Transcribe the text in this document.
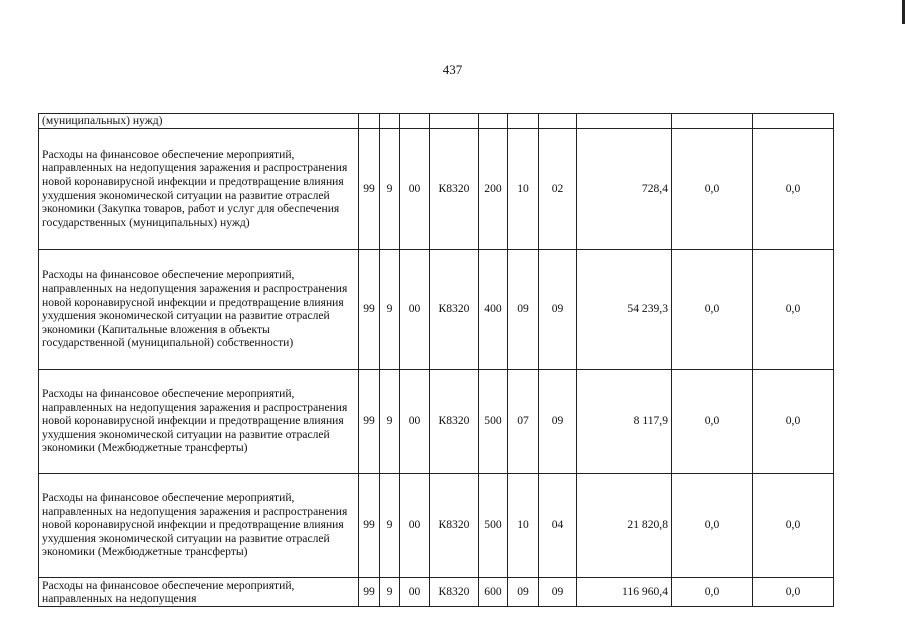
437
(муниципальных) нужд)										
Расходы на финансовое обеспечение мероприятий, направленных на недопущения заражения и распространения новой коронавирусной инфекции и предотвращение влияния ухудшения экономической ситуации на развитие отраслей экономики (Закупка товаров, работ и услуг для обеспечения государственных (муниципальных) нужд)	99	9	00	К8320	200	10	02	728,4	0,0	0,0
Расходы на финансовое обеспечение мероприятий, направленных на недопущения заражения и распространения новой коронавирусной инфекции и предотвращение влияния ухудшения экономической ситуации на развитие отраслей экономики (Капитальные вложения в объекты государственной (муниципальной) собственности)	99	9	00	К8320	400	09	09	54 239,3	0,0	0,0
Расходы на финансовое обеспечение мероприятий, направленных на недопущения заражения и распространения новой коронавирусной инфекции и предотвращение влияния ухудшения экономической ситуации на развитие отраслей экономики (Межбюджетные трансферты)	99	9	00	К8320	500	07	09	8 117,9	0,0	0,0
Расходы на финансовое обеспечение мероприятий, направленных на недопущения заражения и распространения новой коронавирусной инфекции и предотвращение влияния ухудшения экономической ситуации на развитие отраслей экономики (Межбюджетные трансферты)	99	9	00	К8320	500	10	04	21 820,8	0,0	0,0
Расходы на финансовое обеспечение мероприятий, направленных на недопущения	99	9	00	К8320	600	09	09	116 960,4	0,0	0,0
